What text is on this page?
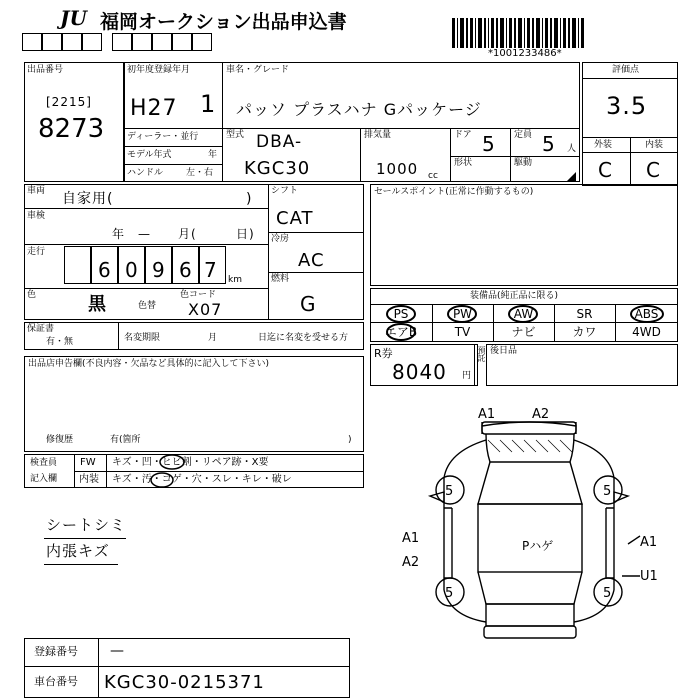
JU 福岡オークション出品申込書
*1001233486*
出品番号
[2215]
8273
初年度登録年月
H27 1
車名・グレード
パッソ プラスハナ Gパッケージ
ディーラー・並行
モデル年式	年
ハンドル	左・右
型式 DBA-
KGC30
排気量
1000 cc
ドア 5 定員 5 人
形状	駆動
評価点
3.5
外装	内装
C C
車両 自家用(	)
車検
年 — 月(	日)
走行
6 0 9 6 7 km
色	黒	色替
色コード
X07
シフト
CAT
冷房
AC
燃料
G
保証書
有・無	名変期限	月	日迄に名変を受せる方
セールスポイント(正常に作動するもの)
装備品(純正品に限る)
PS	PW	AW	SR	ABS
エアB	TV	ナビ	カワ	4WD
R券
8040 円
預託 後日品
出品店申告欄(不良内容・欠品など具体的に記入して下さい)
修復歴	有(箇所	)
検査員
記入欄
FW キズ・凹・ヒビ割・リペア跡・X要
内装 キズ・汚・コゲ・穴・スレ・キレ・破レ
シートシミ
内張キズ
A1	A2
A1
A2
Pハゲ	A1
U1
5	5
5	5
登録番号 —
車台番号 KGC30-0215371
